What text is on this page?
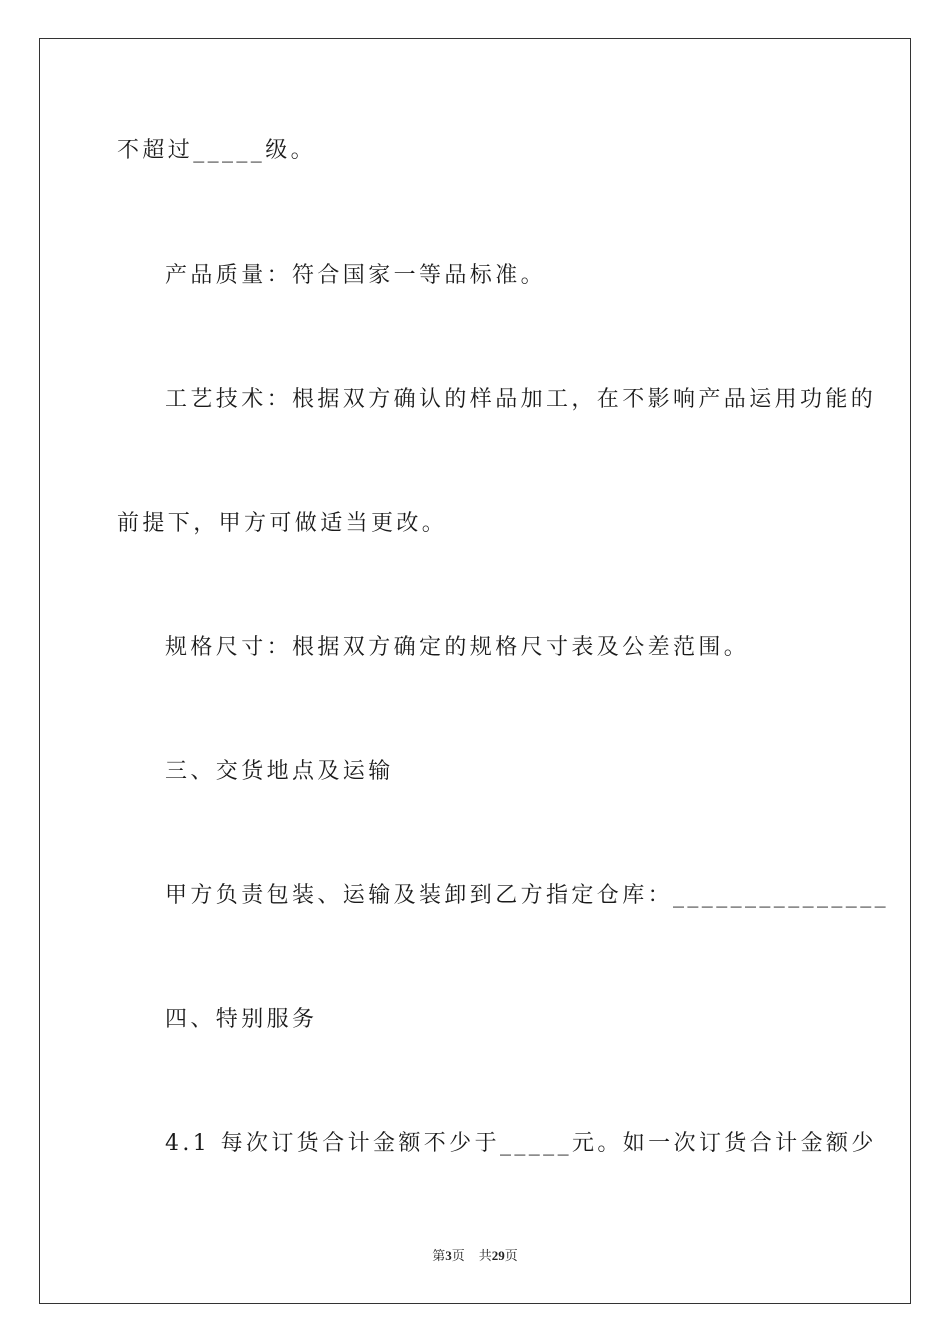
不超过_____级。
产品质量：符合国家一等品标准。
工艺技术：根据双方确认的样品加工，在不影响产品运用功能的
前提下，甲方可做适当更改。
规格尺寸：根据双方确定的规格尺寸表及公差范围。
三、交货地点及运输
甲方负责包装、运输及装卸到乙方指定仓库：_______________
四、特别服务
4.1 每次订货合计金额不少于_____元。如一次订货合计金额少
第3页 共29页
